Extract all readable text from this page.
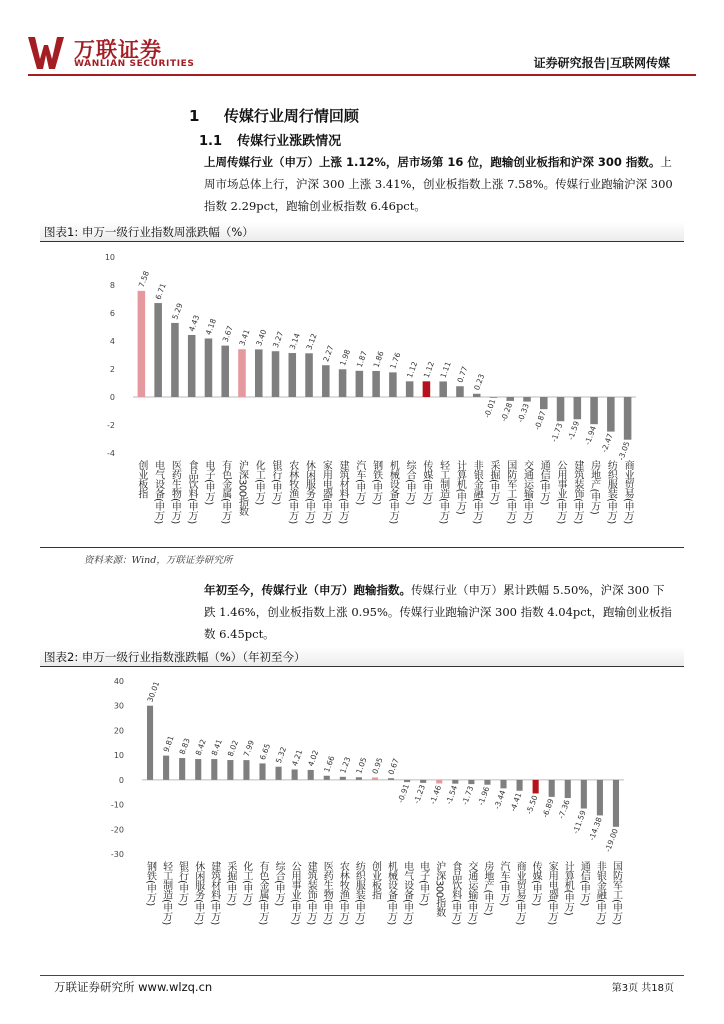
万联证券
WANLIAN SECURITIES	证券研究报告|互联网传媒
1 传媒行业周行情回顾
1.1 传媒行业涨跌情况
上周传媒行业（申万）上涨 1.12%，居市场第 16 位，跑输创业板指和沪深 300 指数。上周市场总体上行，沪深 300 上涨 3.41%，创业板指数上涨 7.58%。传媒行业跑输沪深 300 指数 2.29pct，跑输创业板指数 6.46pct。
图表1: 申万一级行业指数周涨跌幅（%）
10
8
6
4
2
0
-2
-4
7.58
创业板指
6.71
电气设备(申万)
5.29
医药生物(申万)
4.43
食品饮料(申万)
4.18
电子(申万)
3.67
有色金属(申万)
3.41
沪深300指数
3.40
化工(申万)
3.27
银行(申万)
3.14
农林牧渔(申万)
3.12
休闲服务(申万)
2.27
家用电器(申万)
1.98
建筑材料(申万)
1.87
汽车(申万)
1.86
钢铁(申万)
1.76
机械设备(申万)
1.12
综合(申万)
1.12
传媒(申万)
1.11
轻工制造(申万)
0.77
计算机(申万)
0.23
非银金融(申万)
-0.01
采掘(申万)
-0.28
国防军工(申万)
-0.33
交通运输(申万)
-0.87
通信(申万)
-1.73
公用事业(申万)
-1.59
建筑装饰(申万)
-1.94
房地产(申万)
-2.47
纺织服装(申万)
-3.05
商业贸易(申万)
资料来源：Wind，万联证券研究所
年初至今，传媒行业（申万）跑输指数。传媒行业（申万）累计跌幅 5.50%，沪深 300 下跌 1.46%，创业板指数上涨 0.95%。传媒行业跑输沪深 300 指数 4.04pct，跑输创业板指数 6.45pct。
图表2: 申万一级行业指数涨跌幅（%）（年初至今）
40
30
20
10
0
-10
-20
-30
30.01
钢铁(申万)
9.81
轻工制造(申万)
8.83
银行(申万)
8.42
休闲服务(申万)
8.41
建筑材料(申万)
8.02
采掘(申万)
7.99
化工(申万)
6.65
有色金属(申万)
5.32
综合(申万)
4.21
公用事业(申万)
4.02
建筑装饰(申万)
1.66
医药生物(申万)
1.23
农林牧渔(申万)
1.05
纺织服装(申万)
0.95
创业板指
0.67
机械设备(申万)
-0.91
电气设备(申万)
-1.23
电子(申万)
-1.46
沪深300指数
-1.54
食品饮料(申万)
-1.73
交通运输(申万)
-1.96
房地产(申万)
-3.44
汽车(申万)
-4.41
商业贸易(申万)
-5.50
传媒(申万)
-6.89
家用电器(申万)
-7.36
计算机(申万)
-11.59
通信(申万)
-14.38
非银金融(申万)
-19.00
国防军工(申万)
万联证券研究所 www.wlzq.cn	第3页 共18页
